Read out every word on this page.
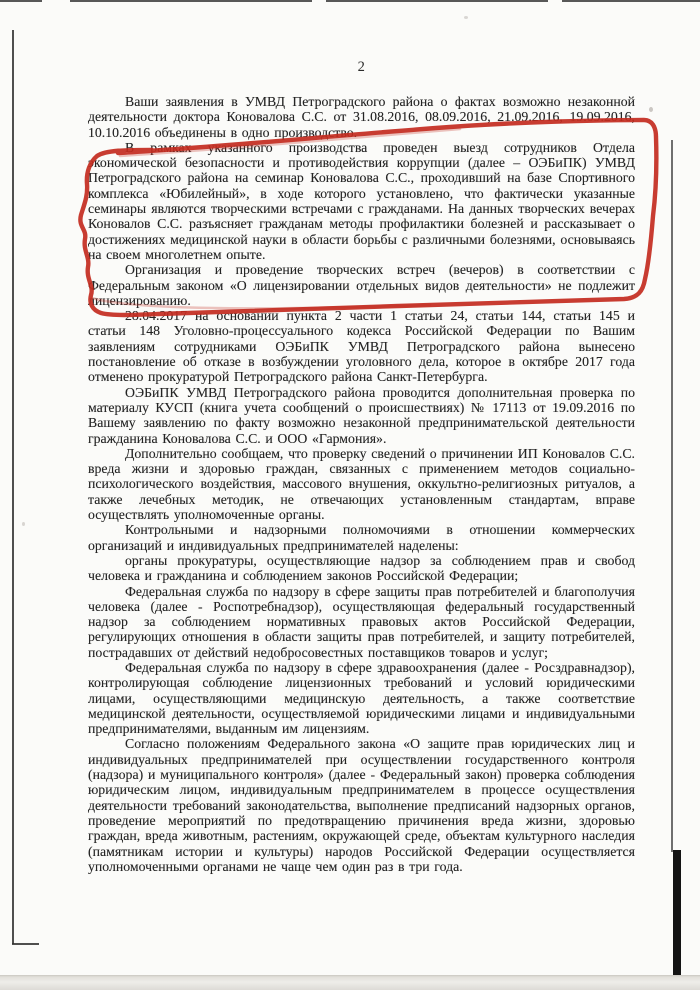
2

Ваши заявления в УМВД Петроградского района о фактах возможно незаконной деятельности доктора Коновалова С.С. от 31.08.2016, 08.09.2016, 21.09.2016, 19.09.2016, 10.10.2016 объединены в одно производство.

В рамках указанного производства проведен выезд сотрудников Отдела экономической безопасности и противодействия коррупции (далее – ОЭБиПК) УМВД Петроградского района на семинар Коновалова С.С., проходивший на базе Спортивного комплекса «Юбилейный», в ходе которого установлено, что фактически указанные семинары являются творческими встречами с гражданами. На данных творческих вечерах Коновалов С.С. разъясняет гражданам методы профилактики болезней и рассказывает о достижениях медицинской науки в области борьбы с различными болезнями, основываясь на своем многолетнем опыте.

Организация и проведение творческих встреч (вечеров) в соответствии с Федеральным законом «О лицензировании отдельных видов деятельности» не подлежит лицензированию.

28.04.2017 на основании пункта 2 части 1 статьи 24, статьи 144, статьи 145 и статьи 148 Уголовно-процессуального кодекса Российской Федерации по Вашим заявлениям сотрудниками ОЭБиПК УМВД Петроградского района вынесено постановление об отказе в возбуждении уголовного дела, которое в октябре 2017 года отменено прокуратурой Петроградского района Санкт-Петербурга.

ОЭБиПК УМВД Петроградского района проводится дополнительная проверка по материалу КУСП (книга учета сообщений о происшествиях) № 17113 от 19.09.2016 по Вашему заявлению по факту возможно незаконной предпринимательской деятельности гражданина Коновалова С.С. и ООО «Гармония».

Дополнительно сообщаем, что проверку сведений о причинении ИП Коновалов С.С. вреда жизни и здоровью граждан, связанных с применением методов социально-психологического воздействия, массового внушения, оккультно-религиозных ритуалов, а также лечебных методик, не отвечающих установленным стандартам, вправе осуществлять уполномоченные органы.

Контрольными и надзорными полномочиями в отношении коммерческих организаций и индивидуальных предпринимателей наделены:

органы прокуратуры, осуществляющие надзор за соблюдением прав и свобод человека и гражданина и соблюдением законов Российской Федерации;

Федеральная служба по надзору в сфере защиты прав потребителей и благополучия человека (далее - Роспотребнадзор), осуществляющая федеральный государственный надзор за соблюдением нормативных правовых актов Российской Федерации, регулирующих отношения в области защиты прав потребителей, и защиту потребителей, пострадавших от действий недобросовестных поставщиков товаров и услуг;

Федеральная служба по надзору в сфере здравоохранения (далее - Росздравнадзор), контролирующая соблюдение лицензионных требований и условий юридическими лицами, осуществляющими медицинскую деятельность, а также соответствие медицинской деятельности, осуществляемой юридическими лицами и индивидуальными предпринимателями, выданным им лицензиям.

Согласно положениям Федерального закона «О защите прав юридических лиц и индивидуальных предпринимателей при осуществлении государственного контроля (надзора) и муниципального контроля» (далее - Федеральный закон) проверка соблюдения юридическим лицом, индивидуальным предпринимателем в процессе осуществления деятельности требований законодательства, выполнение предписаний надзорных органов, проведение мероприятий по предотвращению причинения вреда жизни, здоровью граждан, вреда животным, растениям, окружающей среде, объектам культурного наследия (памятникам истории и культуры) народов Российской Федерации осуществляется уполномоченными органами не чаще чем один раз в три года.
